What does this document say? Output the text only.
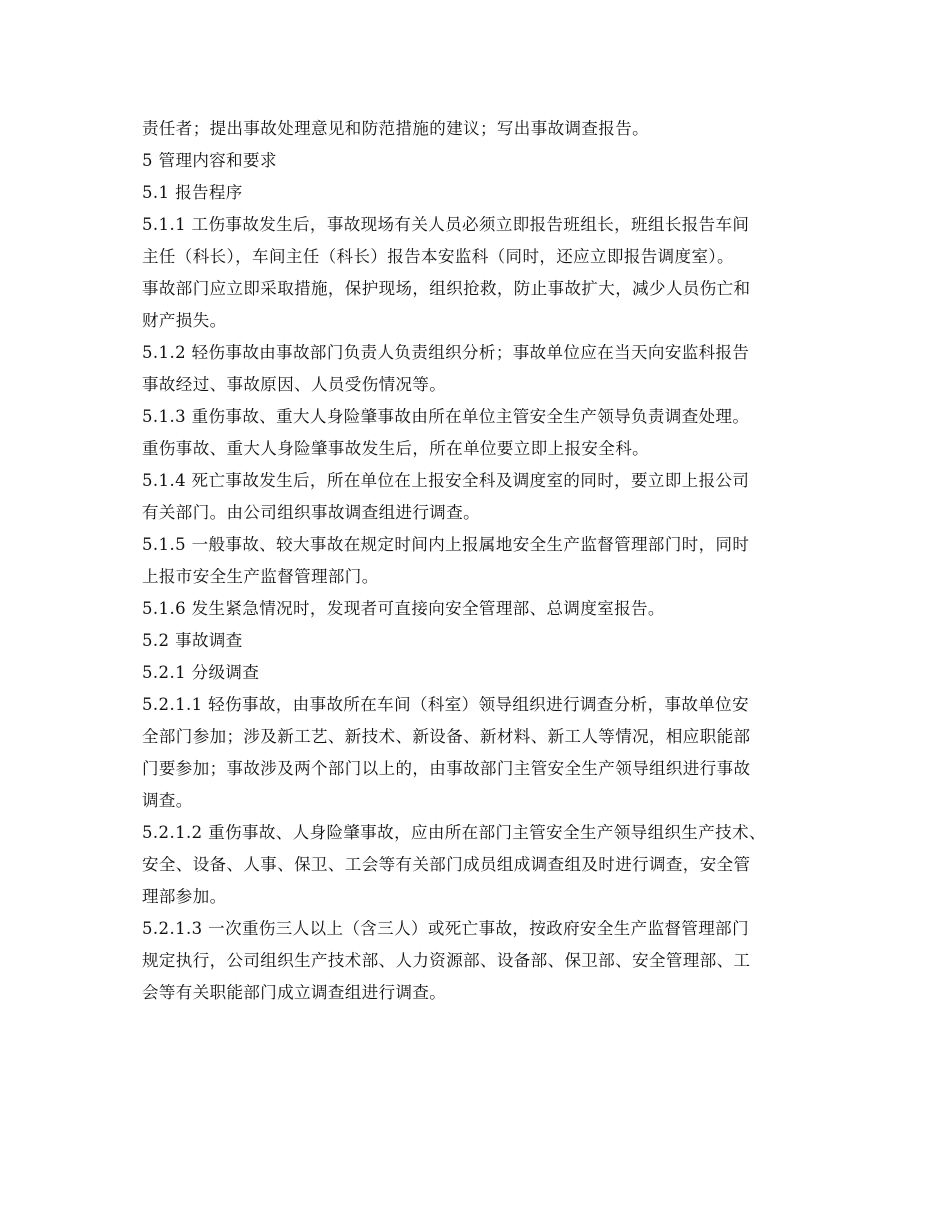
责任者；提出事故处理意见和防范措施的建议；写出事故调查报告。
5 管理内容和要求
5.1 报告程序
5.1.1 工伤事故发生后，事故现场有关人员必须立即报告班组长，班组长报告车间
主任（科长），车间主任（科长）报告本安监科（同时，还应立即报告调度室）。
事故部门应立即采取措施，保护现场，组织抢救，防止事故扩大，减少人员伤亡和
财产损失。
5.1.2 轻伤事故由事故部门负责人负责组织分析；事故单位应在当天向安监科报告
事故经过、事故原因、人员受伤情况等。
5.1.3 重伤事故、重大人身险肇事故由所在单位主管安全生产领导负责调查处理。
重伤事故、重大人身险肇事故发生后，所在单位要立即上报安全科。
5.1.4 死亡事故发生后，所在单位在上报安全科及调度室的同时，要立即上报公司
有关部门。由公司组织事故调查组进行调查。
5.1.5 一般事故、较大事故在规定时间内上报属地安全生产监督管理部门时，同时
上报市安全生产监督管理部门。
5.1.6 发生紧急情况时，发现者可直接向安全管理部、总调度室报告。
5.2 事故调查
5.2.1 分级调查
5.2.1.1 轻伤事故，由事故所在车间（科室）领导组织进行调查分析，事故单位安
全部门参加；涉及新工艺、新技术、新设备、新材料、新工人等情况，相应职能部
门要参加；事故涉及两个部门以上的，由事故部门主管安全生产领导组织进行事故
调查。
5.2.1.2 重伤事故、人身险肇事故，应由所在部门主管安全生产领导组织生产技术、
安全、设备、人事、保卫、工会等有关部门成员组成调查组及时进行调查，安全管
理部参加。
5.2.1.3 一次重伤三人以上（含三人）或死亡事故，按政府安全生产监督管理部门
规定执行，公司组织生产技术部、人力资源部、设备部、保卫部、安全管理部、工
会等有关职能部门成立调查组进行调查。
